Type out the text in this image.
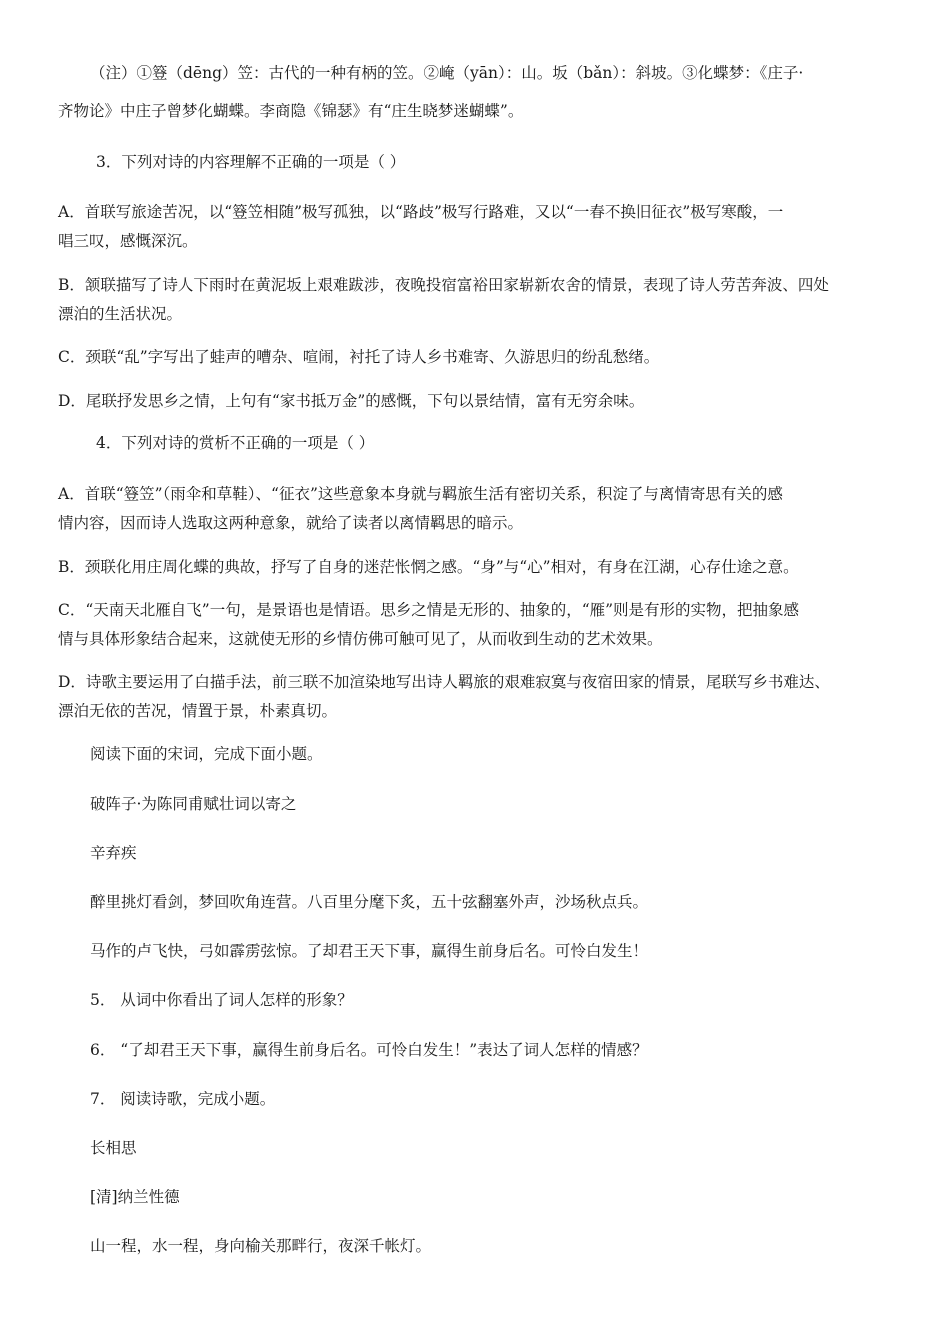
（注）①簦（dēng）笠：古代的一种有柄的笠。②崦（yān）：山。坂（bǎn）：斜坡。③化蝶梦：《庄子·
齐物论》中庄子曾梦化蝴蝶。李商隐《锦瑟》有“庄生晓梦迷蝴蝶”。
3．下列对诗的内容理解不正确的一项是（ ）
A．首联写旅途苦况，以“簦笠相随”极写孤独，以“路歧”极写行路难，又以“一春不换旧征衣”极写寒酸，一
唱三叹，感慨深沉。
B．颔联描写了诗人下雨时在黄泥坂上艰难跋涉，夜晚投宿富裕田家崭新农舍的情景，表现了诗人劳苦奔波、四处
漂泊的生活状况。
C．颈联“乱”字写出了蛙声的嘈杂、喧闹，衬托了诗人乡书难寄、久游思归的纷乱愁绪。
D．尾联抒发思乡之情，上句有“家书抵万金”的感慨，下句以景结情，富有无穷余味。
4．下列对诗的赏析不正确的一项是（ ）
A．首联“簦笠”（雨伞和草鞋）、“征衣”这些意象本身就与羁旅生活有密切关系，积淀了与离情寄思有关的感
情内容，因而诗人选取这两种意象，就给了读者以离情羁思的暗示。
B．颈联化用庄周化蝶的典故，抒写了自身的迷茫怅惘之感。“身”与“心”相对，有身在江湖，心存仕途之意。
C．“天南天北雁自飞”一句，是景语也是情语。思乡之情是无形的、抽象的，“雁”则是有形的实物，把抽象感
情与具体形象结合起来，这就使无形的乡情仿佛可触可见了，从而收到生动的艺术效果。
D．诗歌主要运用了白描手法，前三联不加渲染地写出诗人羁旅的艰难寂寞与夜宿田家的情景，尾联写乡书难达、
漂泊无依的苦况，情置于景，朴素真切。
阅读下面的宋词，完成下面小题。
破阵子·为陈同甫赋壮词以寄之
辛弃疾
醉里挑灯看剑，梦回吹角连营。八百里分麾下炙，五十弦翻塞外声，沙场秋点兵。
马作的卢飞快，弓如霹雳弦惊。了却君王天下事，赢得生前身后名。可怜白发生！
5． 从词中你看出了词人怎样的形象？
6． “了却君王天下事，赢得生前身后名。可怜白发生！”表达了词人怎样的情感？
7． 阅读诗歌，完成小题。
长相思
[清]纳兰性德
山一程，水一程，身向榆关那畔行，夜深千帐灯。
